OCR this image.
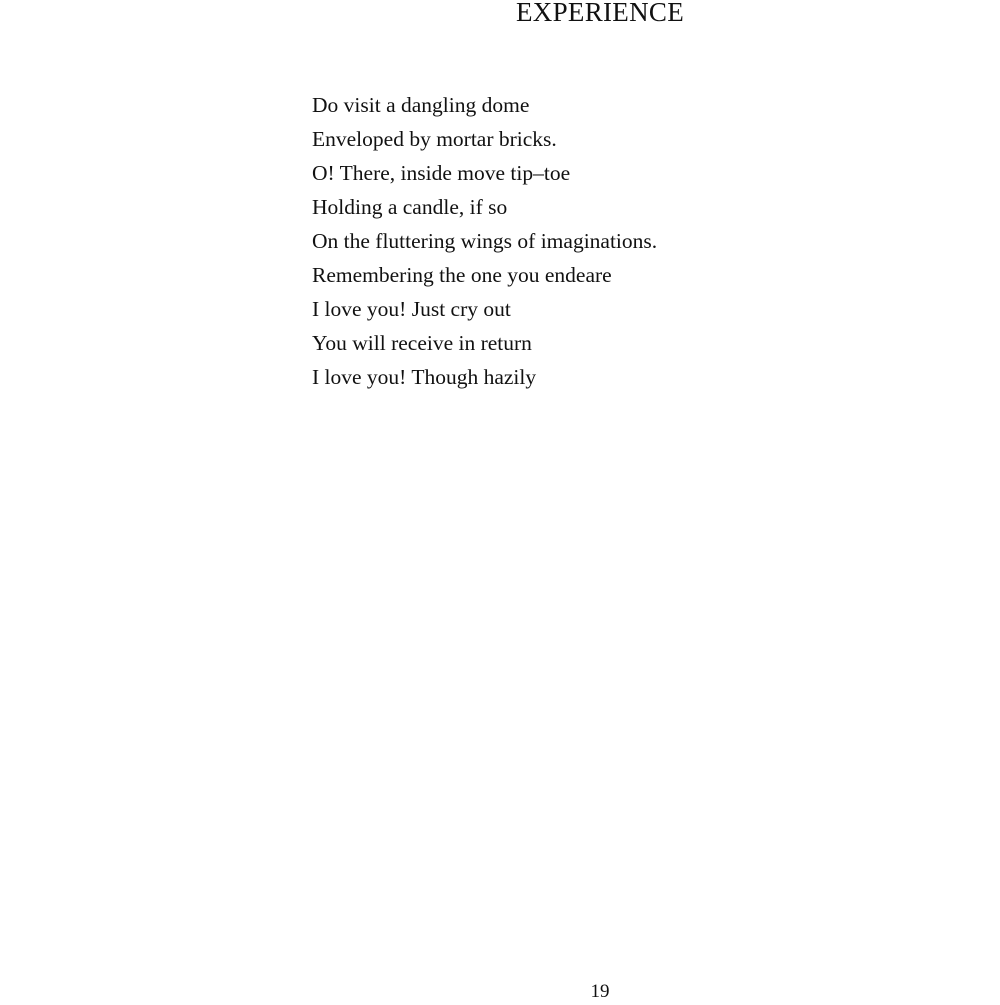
EXPERIENCE
Do visit a dangling dome
Enveloped by mortar bricks.
O! There, inside move tip–toe
Holding a candle, if so
On the fluttering wings of imaginations.
Remembering the one you endeare
I love you! Just cry out
You will receive in return
I love you! Though hazily
19
